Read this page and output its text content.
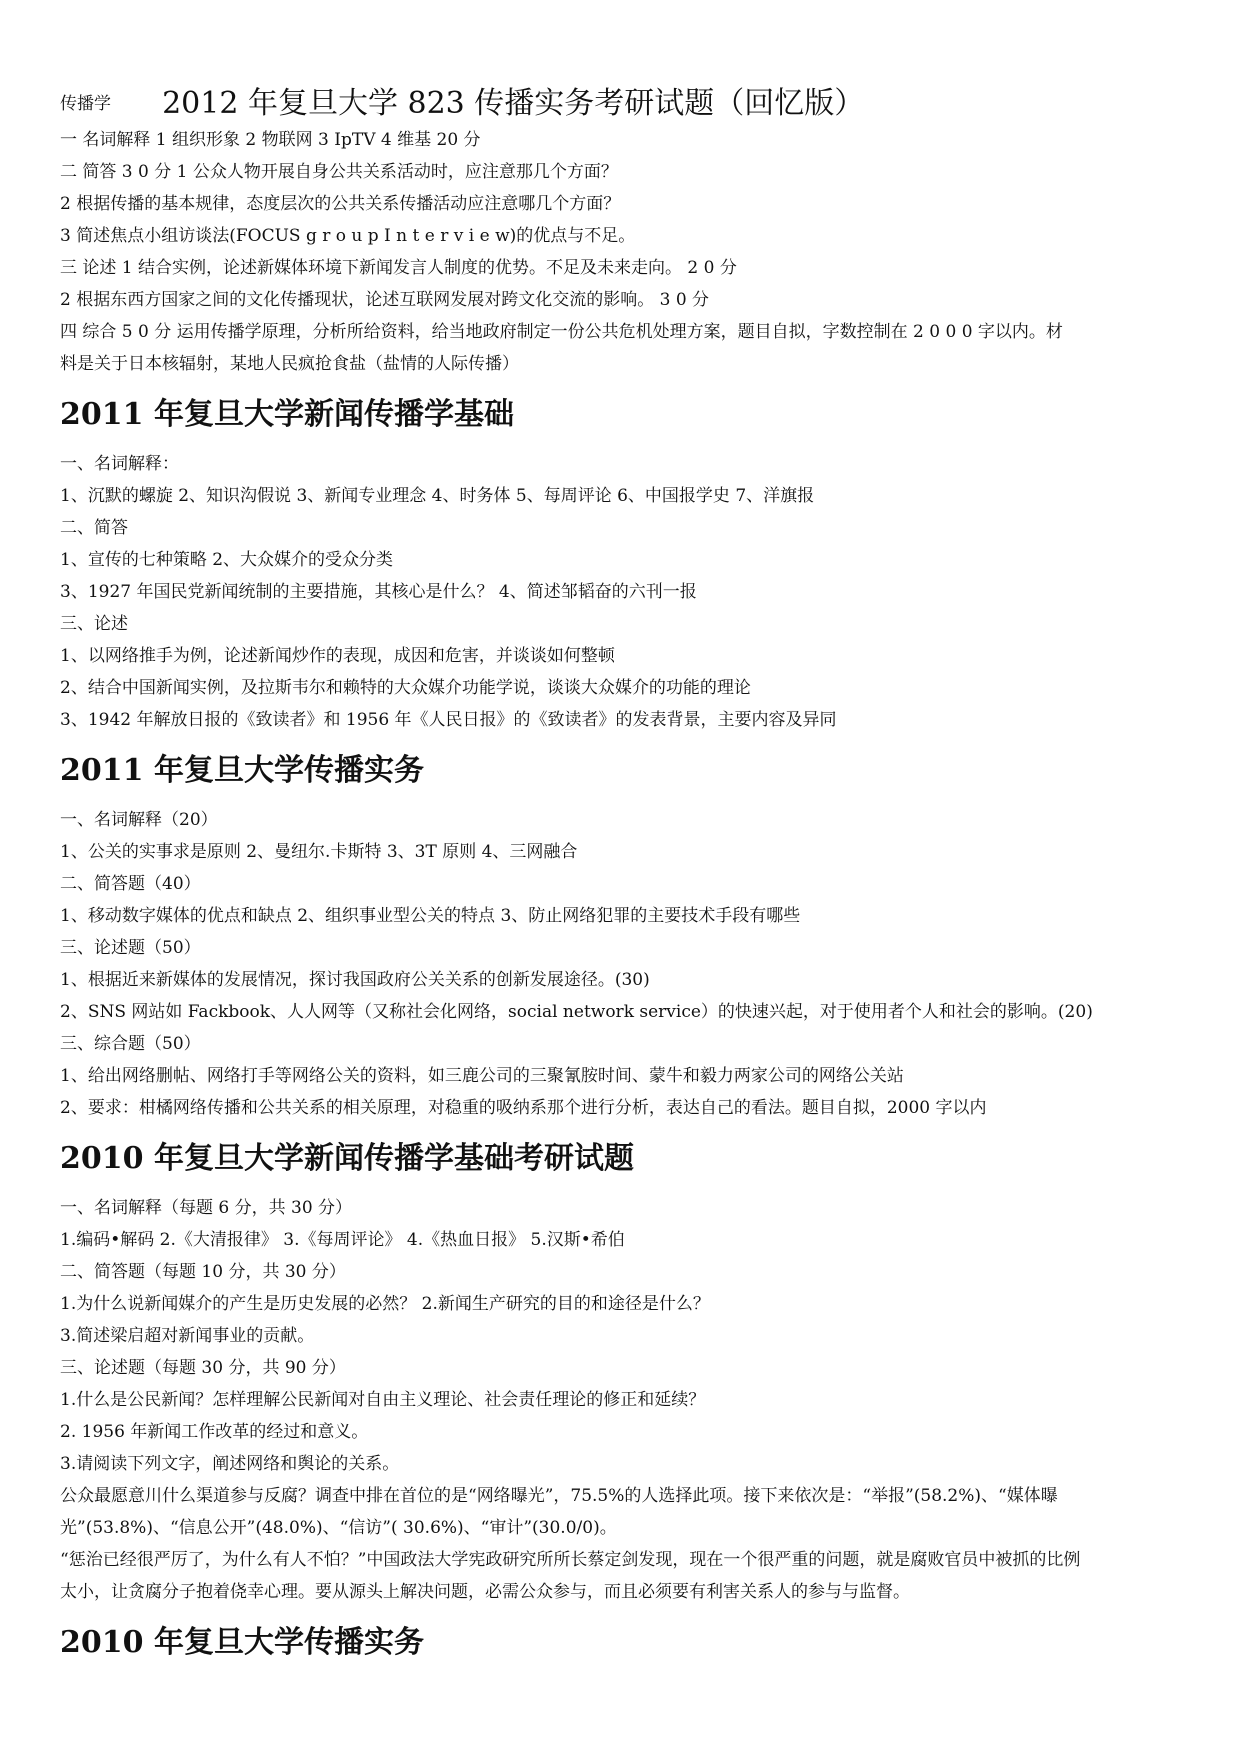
传播学 2012 年复旦大学 823 传播实务考研试题（回忆版）
一 名词解释 1 组织形象 2 物联网 3 IpTV 4 维基 20 分
二 简答 3 0 分 1 公众人物开展自身公共关系活动时，应注意那几个方面？
2 根据传播的基本规律，态度层次的公共关系传播活动应注意哪几个方面？
3 简述焦点小组访谈法(FOCUS g r o u p I n t e r v i e w)的优点与不足。
三 论述 1 结合实例，论述新媒体环境下新闻发言人制度的优势。不足及未来走向。 2 0 分
2 根据东西方国家之间的文化传播现状，论述互联网发展对跨文化交流的影响。 3 0 分
四 综合 5 0 分 运用传播学原理，分析所给资料，给当地政府制定一份公共危机处理方案，题目自拟，字数控制在 2 0 0 0 字以内。材
料是关于日本核辐射，某地人民疯抢食盐（盐情的人际传播）
2011 年复旦大学新闻传播学基础
一、名词解释：
1、沉默的螺旋 2、知识沟假说 3、新闻专业理念 4、时务体 5、每周评论 6、中国报学史 7、洋旗报
二、简答
1、宣传的七种策略 2、大众媒介的受众分类
3、1927 年国民党新闻统制的主要措施，其核心是什么？ 4、简述邹韬奋的六刊一报
三、论述
1、以网络推手为例，论述新闻炒作的表现，成因和危害，并谈谈如何整顿
2、结合中国新闻实例，及拉斯韦尔和赖特的大众媒介功能学说，谈谈大众媒介的功能的理论
3、1942 年解放日报的《致读者》和 1956 年《人民日报》的《致读者》的发表背景，主要内容及异同
2011 年复旦大学传播实务
一、名词解释（20）
1、公关的实事求是原则 2、曼纽尔.卡斯特 3、3T 原则 4、三网融合
二、简答题（40）
1、移动数字媒体的优点和缺点 2、组织事业型公关的特点 3、防止网络犯罪的主要技术手段有哪些
三、论述题（50）
1、根据近来新媒体的发展情况，探讨我国政府公关关系的创新发展途径。(30)
2、SNS 网站如 Fackbook、人人网等（又称社会化网络，social network service）的快速兴起，对于使用者个人和社会的影响。(20)
三、综合题（50）
1、给出网络删帖、网络打手等网络公关的资料，如三鹿公司的三聚氰胺时间、蒙牛和毅力两家公司的网络公关站
2、要求：柑橘网络传播和公共关系的相关原理，对稳重的吸纳系那个进行分析，表达自己的看法。题目自拟，2000 字以内
2010 年复旦大学新闻传播学基础考研试题
一、名词解释（每题 6 分，共 30 分）
1.编码•解码 2.《大清报律》 3.《每周评论》 4.《热血日报》 5.汉斯•希伯
二、简答题（每题 10 分，共 30 分）
1.为什么说新闻媒介的产生是历史发展的必然？ 2.新闻生产研究的目的和途径是什么？
3.简述梁启超对新闻事业的贡献。
三、论述题（每题 30 分，共 90 分）
1.什么是公民新闻？怎样理解公民新闻对自由主义理论、社会责任理论的修正和延续？
2. 1956 年新闻工作改革的经过和意义。
3.请阅读下列文字，阐述网络和舆论的关系。
公众最愿意川什么渠道参与反腐？调查中排在首位的是“网络曝光”，75.5%的人选择此项。接下来依次是：“举报”(58.2%)、“媒体曝
光”(53.8%)、“信息公开”(48.0%)、“信访”( 30.6%)、“审计”(30.0/0)。
“惩治已经很严厉了，为什么有人不怕？”中国政法大学宪政研究所所长蔡定剑发现，现在一个很严重的问题，就是腐败官员中被抓的比例
太小，让贪腐分子抱着侥幸心理。要从源头上解决问题，必需公众参与，而且必须要有利害关系人的参与与监督。
2010 年复旦大学传播实务
